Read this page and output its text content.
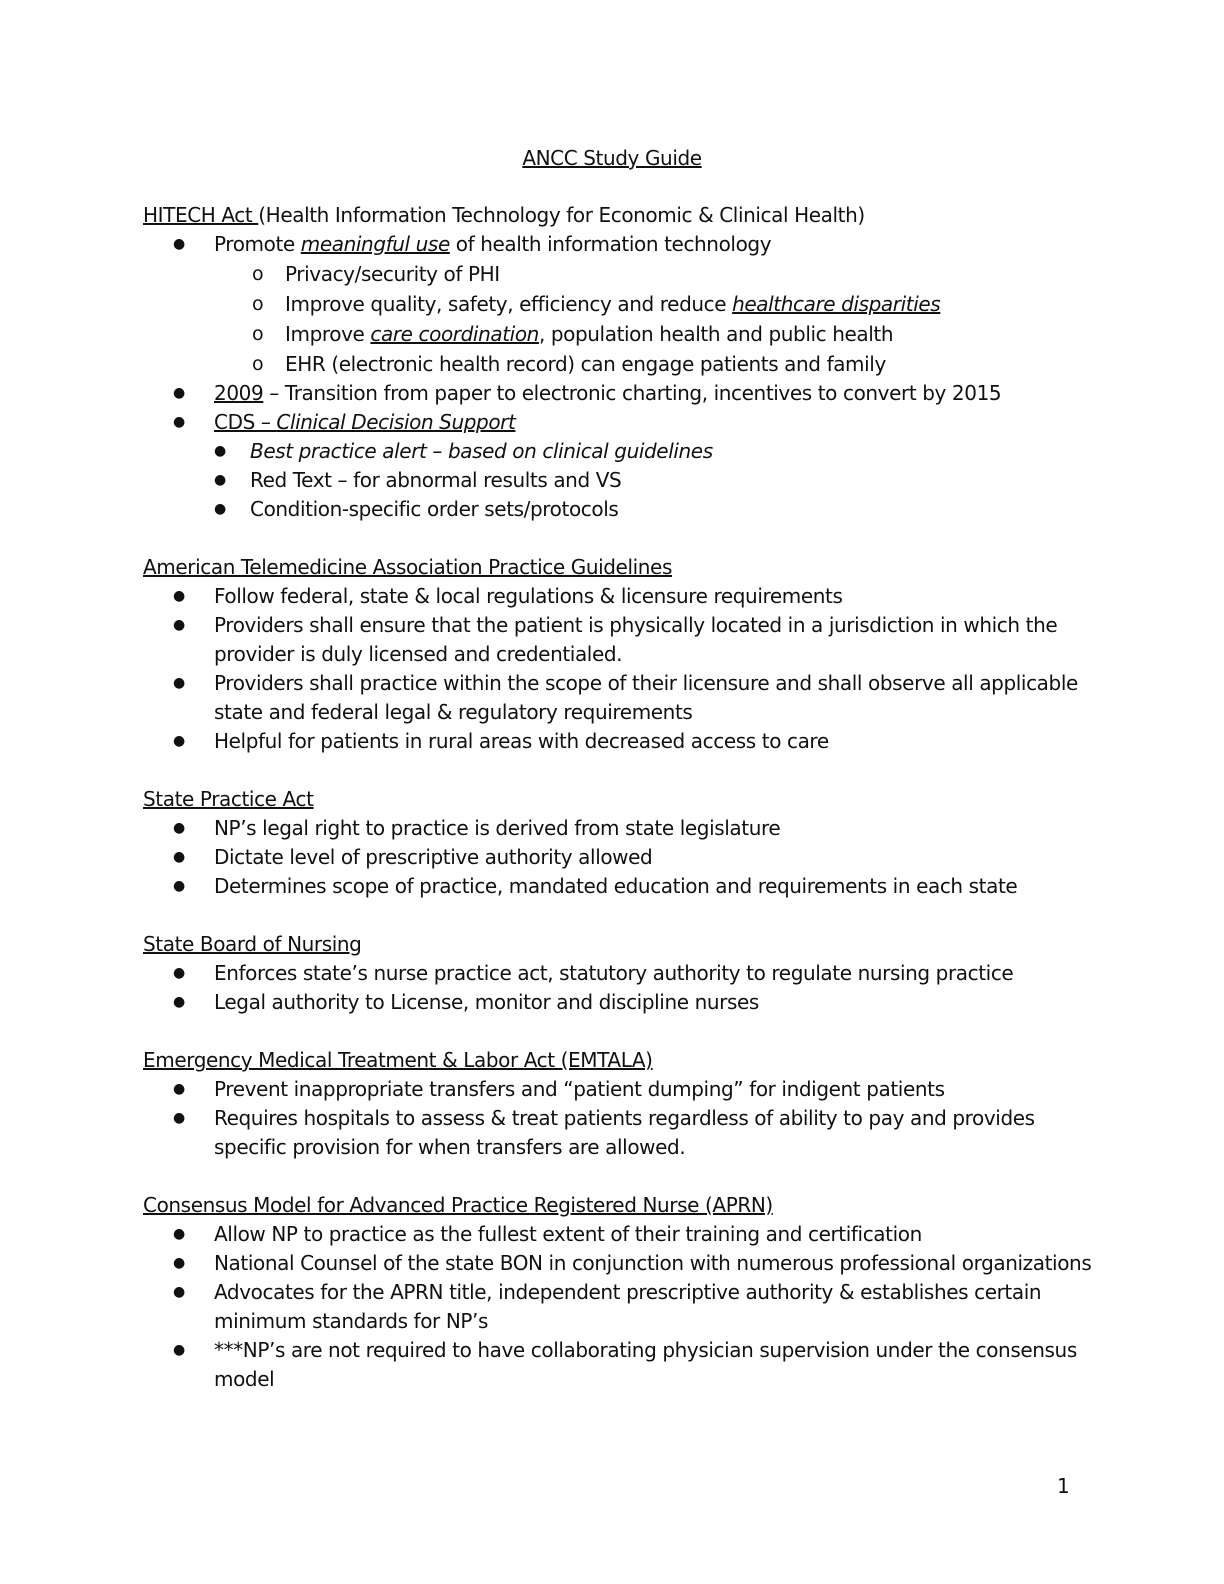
ANCC Study Guide
HITECH Act (Health Information Technology for Economic & Clinical Health)
● Promote meaningful use of health information technology
o Privacy/security of PHI
o Improve quality, safety, efficiency and reduce healthcare disparities
o Improve care coordination, population health and public health
o EHR (electronic health record) can engage patients and family
● 2009 – Transition from paper to electronic charting, incentives to convert by 2015
● CDS – Clinical Decision Support
● Best practice alert – based on clinical guidelines
● Red Text – for abnormal results and VS
● Condition-specific order sets/protocols
American Telemedicine Association Practice Guidelines
● Follow federal, state & local regulations & licensure requirements
● Providers shall ensure that the patient is physically located in a jurisdiction in which the provider is duly licensed and credentialed.
● Providers shall practice within the scope of their licensure and shall observe all applicable state and federal legal & regulatory requirements
● Helpful for patients in rural areas with decreased access to care
State Practice Act
● NP’s legal right to practice is derived from state legislature
● Dictate level of prescriptive authority allowed
● Determines scope of practice, mandated education and requirements in each state
State Board of Nursing
● Enforces state’s nurse practice act, statutory authority to regulate nursing practice
● Legal authority to License, monitor and discipline nurses
Emergency Medical Treatment & Labor Act (EMTALA)
● Prevent inappropriate transfers and “patient dumping” for indigent patients
● Requires hospitals to assess & treat patients regardless of ability to pay and provides specific provision for when transfers are allowed.
Consensus Model for Advanced Practice Registered Nurse (APRN)
● Allow NP to practice as the fullest extent of their training and certification
● National Counsel of the state BON in conjunction with numerous professional organizations
● Advocates for the APRN title, independent prescriptive authority & establishes certain minimum standards for NP’s
● ***NP’s are not required to have collaborating physician supervision under the consensus model
1
